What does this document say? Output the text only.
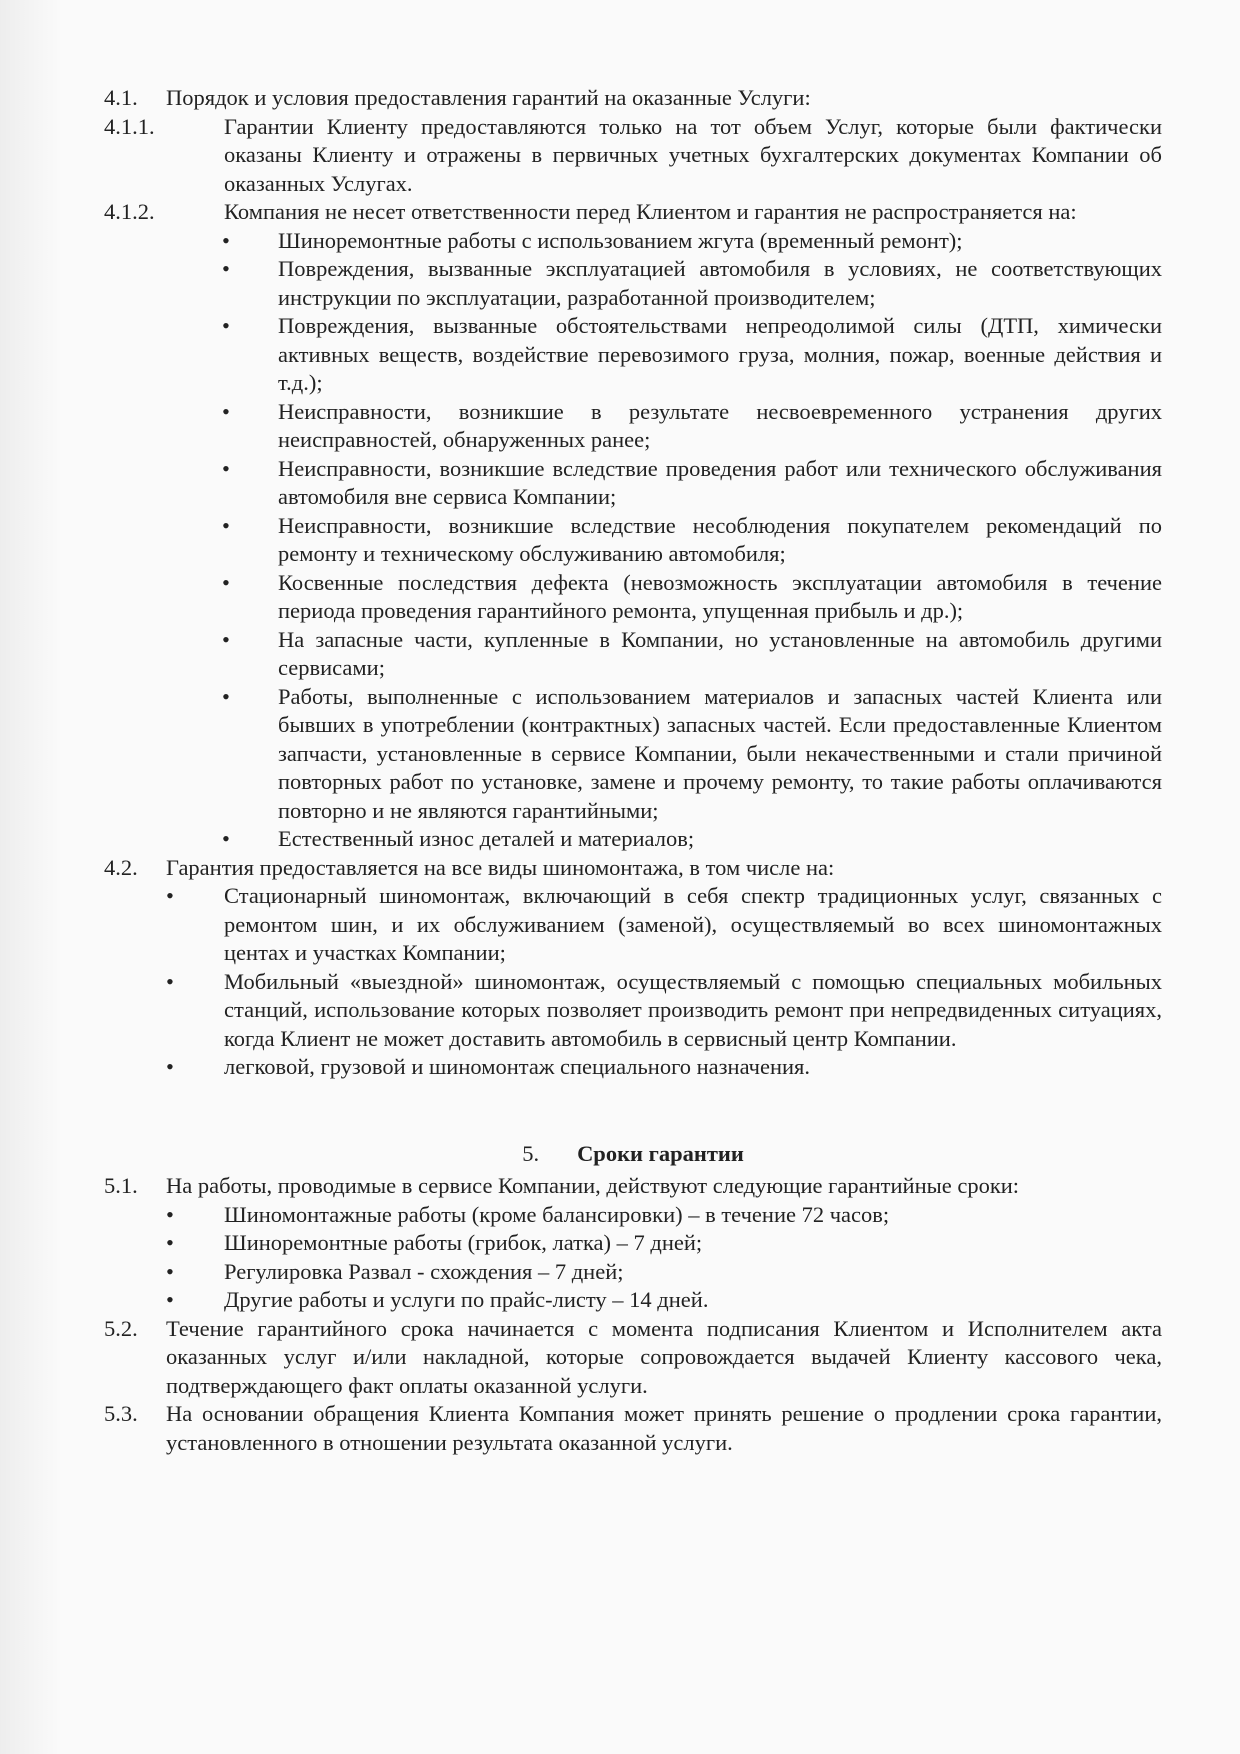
4.1.	Порядок и условия предоставления гарантий на оказанные Услуги:
4.1.1.	Гарантии Клиенту предоставляются только на тот объем Услуг, которые были фактически оказаны Клиенту и отражены в первичных учетных бухгалтерских документах Компании об оказанных Услугах.
4.1.2.	Компания не несет ответственности перед Клиентом и гарантия не распространяется на:
•	Шиноремонтные работы с использованием жгута (временный ремонт);
•	Повреждения, вызванные эксплуатацией автомобиля в условиях, не соответствующих инструкции по эксплуатации, разработанной производителем;
•	Повреждения, вызванные обстоятельствами непреодолимой силы (ДТП, химически активных веществ, воздействие перевозимого груза, молния, пожар, военные действия и т.д.);
•	Неисправности, возникшие в результате несвоевременного устранения других неисправностей, обнаруженных ранее;
•	Неисправности, возникшие вследствие проведения работ или технического обслуживания автомобиля вне сервиса Компании;
•	Неисправности, возникшие вследствие несоблюдения покупателем рекомендаций по ремонту и техническому обслуживанию автомобиля;
•	Косвенные последствия дефекта (невозможность эксплуатации автомобиля в течение периода проведения гарантийного ремонта, упущенная прибыль и др.);
•	На запасные части, купленные в Компании, но установленные на автомобиль другими сервисами;
•	Работы, выполненные с использованием материалов и запасных частей Клиента или бывших в употреблении (контрактных) запасных частей. Если предоставленные Клиентом запчасти, установленные в сервисе Компании, были некачественными и стали причиной повторных работ по установке, замене и прочему ремонту, то такие работы оплачиваются повторно и не являются гарантийными;
•	Естественный износ деталей и материалов;
4.2.	Гарантия предоставляется на все виды шиномонтажа, в том числе на:
•	Стационарный шиномонтаж, включающий в себя спектр традиционных услуг, связанных с ремонтом шин, и их обслуживанием (заменой), осуществляемый во всех шиномонтажных центах и участках Компании;
•	Мобильный «выездной» шиномонтаж, осуществляемый с помощью специальных мобильных станций, использование которых позволяет производить ремонт при непредвиденных ситуациях, когда Клиент не может доставить автомобиль в сервисный центр Компании.
•	легковой, грузовой и шиномонтаж специального назначения.
5. Сроки гарантии
5.1.	На работы, проводимые в сервисе Компании, действуют следующие гарантийные сроки:
•	Шиномонтажные работы (кроме балансировки) – в течение 72 часов;
•	Шиноремонтные работы (грибок, латка) – 7 дней;
•	Регулировка Развал - схождения – 7 дней;
•	Другие работы и услуги по прайс-листу – 14 дней.
5.2.	Течение гарантийного срока начинается с момента подписания Клиентом и Исполнителем акта оказанных услуг и/или накладной, которые сопровождается выдачей Клиенту кассового чека, подтверждающего факт оплаты оказанной услуги.
5.3.	На основании обращения Клиента Компания может принять решение о продлении срока гарантии, установленного в отношении результата оказанной услуги.
